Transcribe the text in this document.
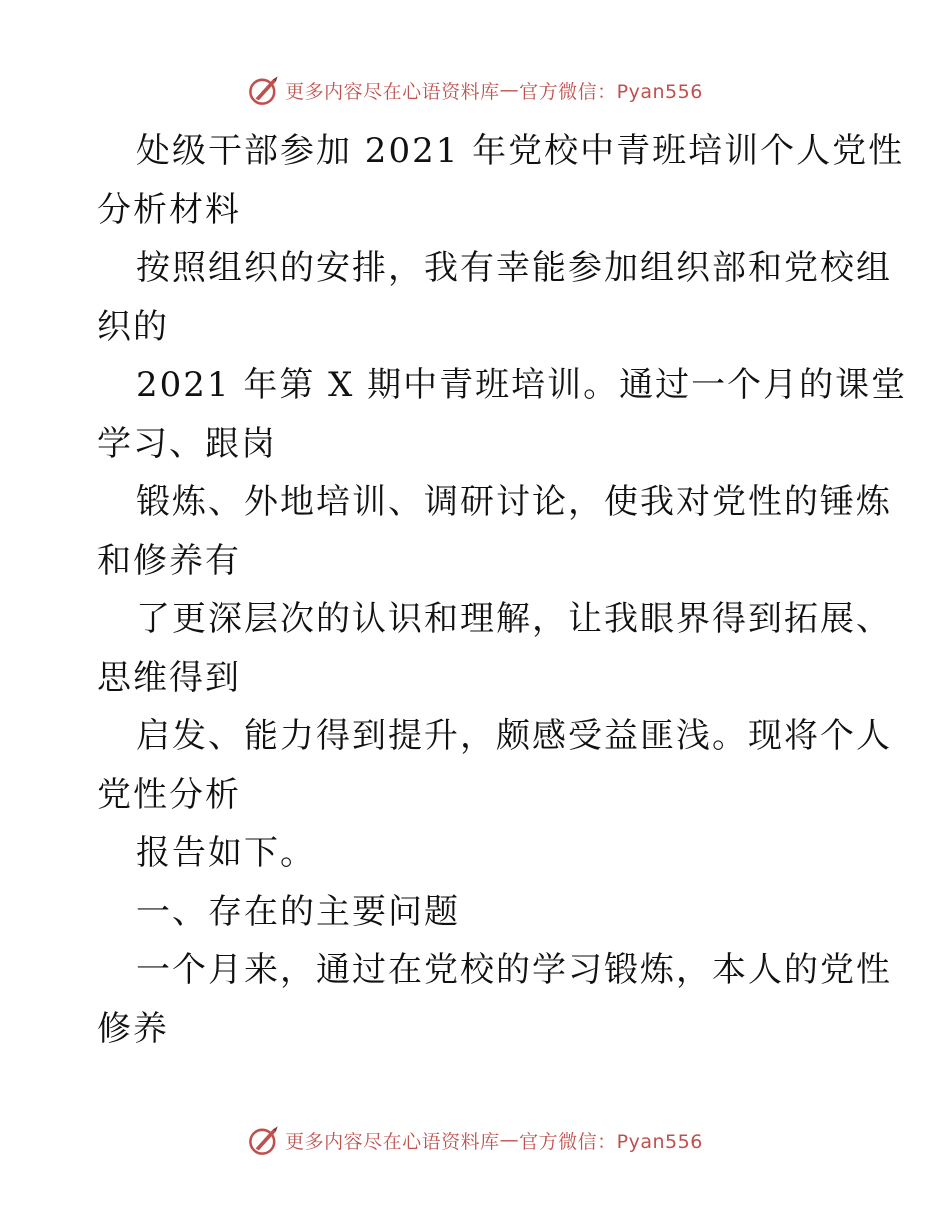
更多内容尽在心语资料库 — 官方微信：Pyan556
处级干部参加 2021 年党校中青班培训个人党性
分析材料
按照组织的安排，我有幸能参加组织部和党校组
织的
2021 年第 X 期中青班培训。通过一个月的课堂
学习、跟岗
锻炼、外地培训、调研讨论，使我对党性的锤炼
和修养有
了更深层次的认识和理解，让我眼界得到拓展、
思维得到
启发、能力得到提升，颇感受益匪浅。现将个人
党性分析
报告如下。
一、存在的主要问题
一个月来，通过在党校的学习锻炼，本人的党性
修养
更多内容尽在心语资料库 — 官方微信：Pyan556
